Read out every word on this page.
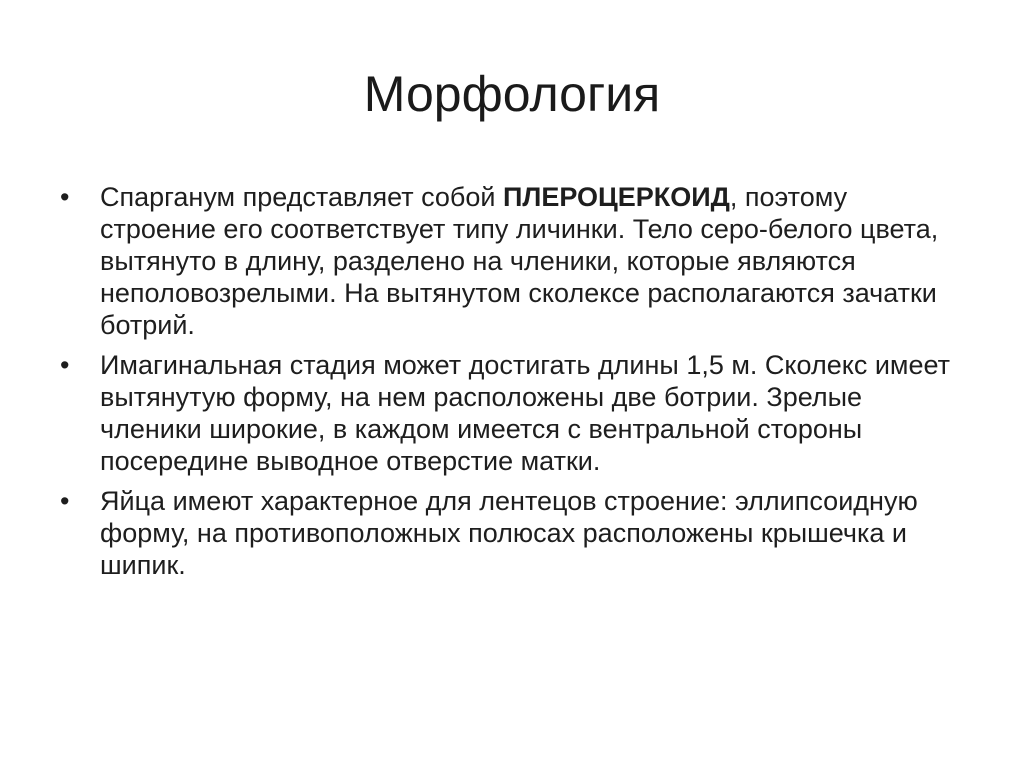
Морфология
•	Спарганум представляет собой ПЛЕРОЦЕРКОИД, поэтому строение его соответствует типу личинки. Тело серо-белого цвета, вытянуто в длину, разделено на членики, которые являются неполовозрелыми. На вытянутом сколексе располагаются зачатки ботрий.
•	Имагинальная стадия может достигать длины 1,5 м. Сколекс имеет вытянутую форму, на нем расположены две ботрии. Зрелые членики широкие, в каждом имеется с вентральной стороны посередине выводное отверстие матки.
•	Яйца имеют характерное для лентецов строение: эллипсоидную форму, на противоположных полюсах расположены крышечка и шипик.
